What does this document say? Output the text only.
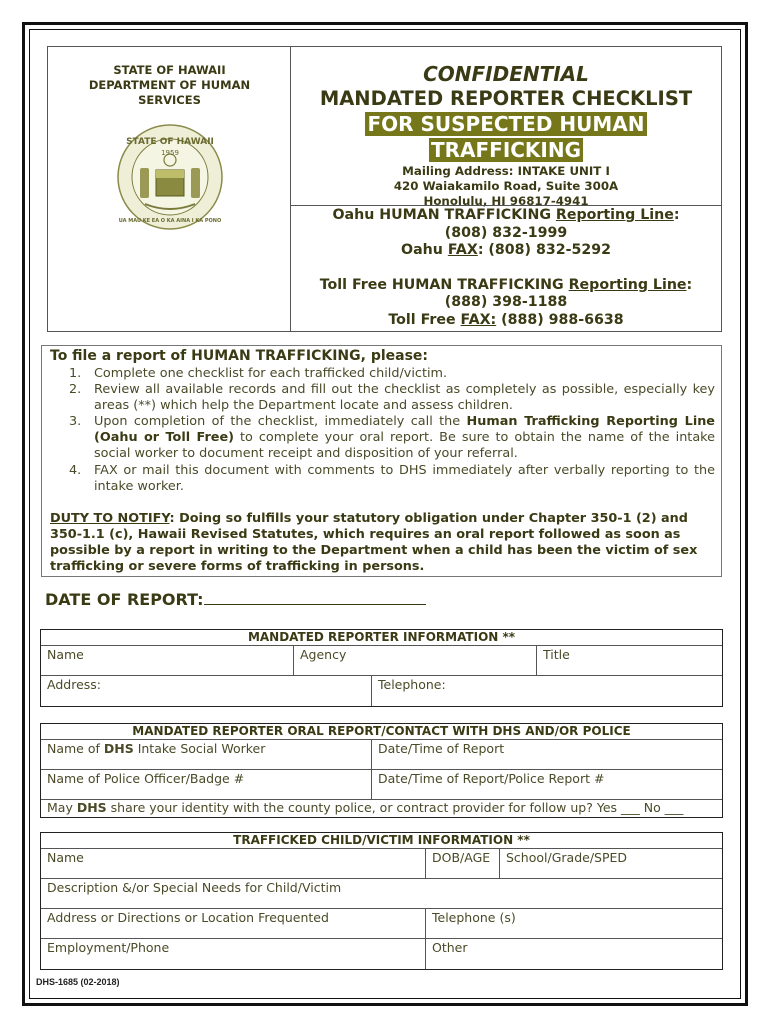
STATE OF HAWAII
DEPARTMENT OF HUMAN
SERVICES
STATE OF HAWAII
1959
UA MAU KE EA O KA AINA I KA PONO
CONFIDENTIAL
MANDATED REPORTER CHECKLIST
FOR SUSPECTED HUMAN
TRAFFICKING
Mailing Address: INTAKE UNIT I
420 Waiakamilo Road, Suite 300A
Honolulu, HI 96817-4941
Oahu HUMAN TRAFFICKING Reporting Line:
(808) 832-1999
Oahu FAX: (808) 832-5292
Toll Free HUMAN TRAFFICKING Reporting Line:
(888) 398-1188
Toll Free FAX: (888) 988-6638
To file a report of HUMAN TRAFFICKING, please:
1. Complete one checklist for each trafficked child/victim.
2. Review all available records and fill out the checklist as completely as possible, especially key areas (**) which help the Department locate and assess children.
3. Upon completion of the checklist, immediately call the Human Trafficking Reporting Line (Oahu or Toll Free) to complete your oral report. Be sure to obtain the name of the intake social worker to document receipt and disposition of your referral.
4. FAX or mail this document with comments to DHS immediately after verbally reporting to the intake worker.
DUTY TO NOTIFY: Doing so fulfills your statutory obligation under Chapter 350-1 (2) and 350-1.1 (c), Hawaii Revised Statutes, which requires an oral report followed as soon as possible by a report in writing to the Department when a child has been the victim of sex trafficking or severe forms of trafficking in persons.
DATE OF REPORT:
MANDATED REPORTER INFORMATION **
Name	Agency	Title
Address:	Telephone:
MANDATED REPORTER ORAL REPORT/CONTACT WITH DHS AND/OR POLICE
Name of DHS Intake Social Worker	Date/Time of Report
Name of Police Officer/Badge #	Date/Time of Report/Police Report #
May DHS share your identity with the county police, or contract provider for follow up? Yes ___ No ___
TRAFFICKED CHILD/VICTIM INFORMATION **
Name	DOB/AGE	School/Grade/SPED
Description &/or Special Needs for Child/Victim
Address or Directions or Location Frequented	Telephone (s)
Employment/Phone	Other
DHS-1685 (02-2018)
